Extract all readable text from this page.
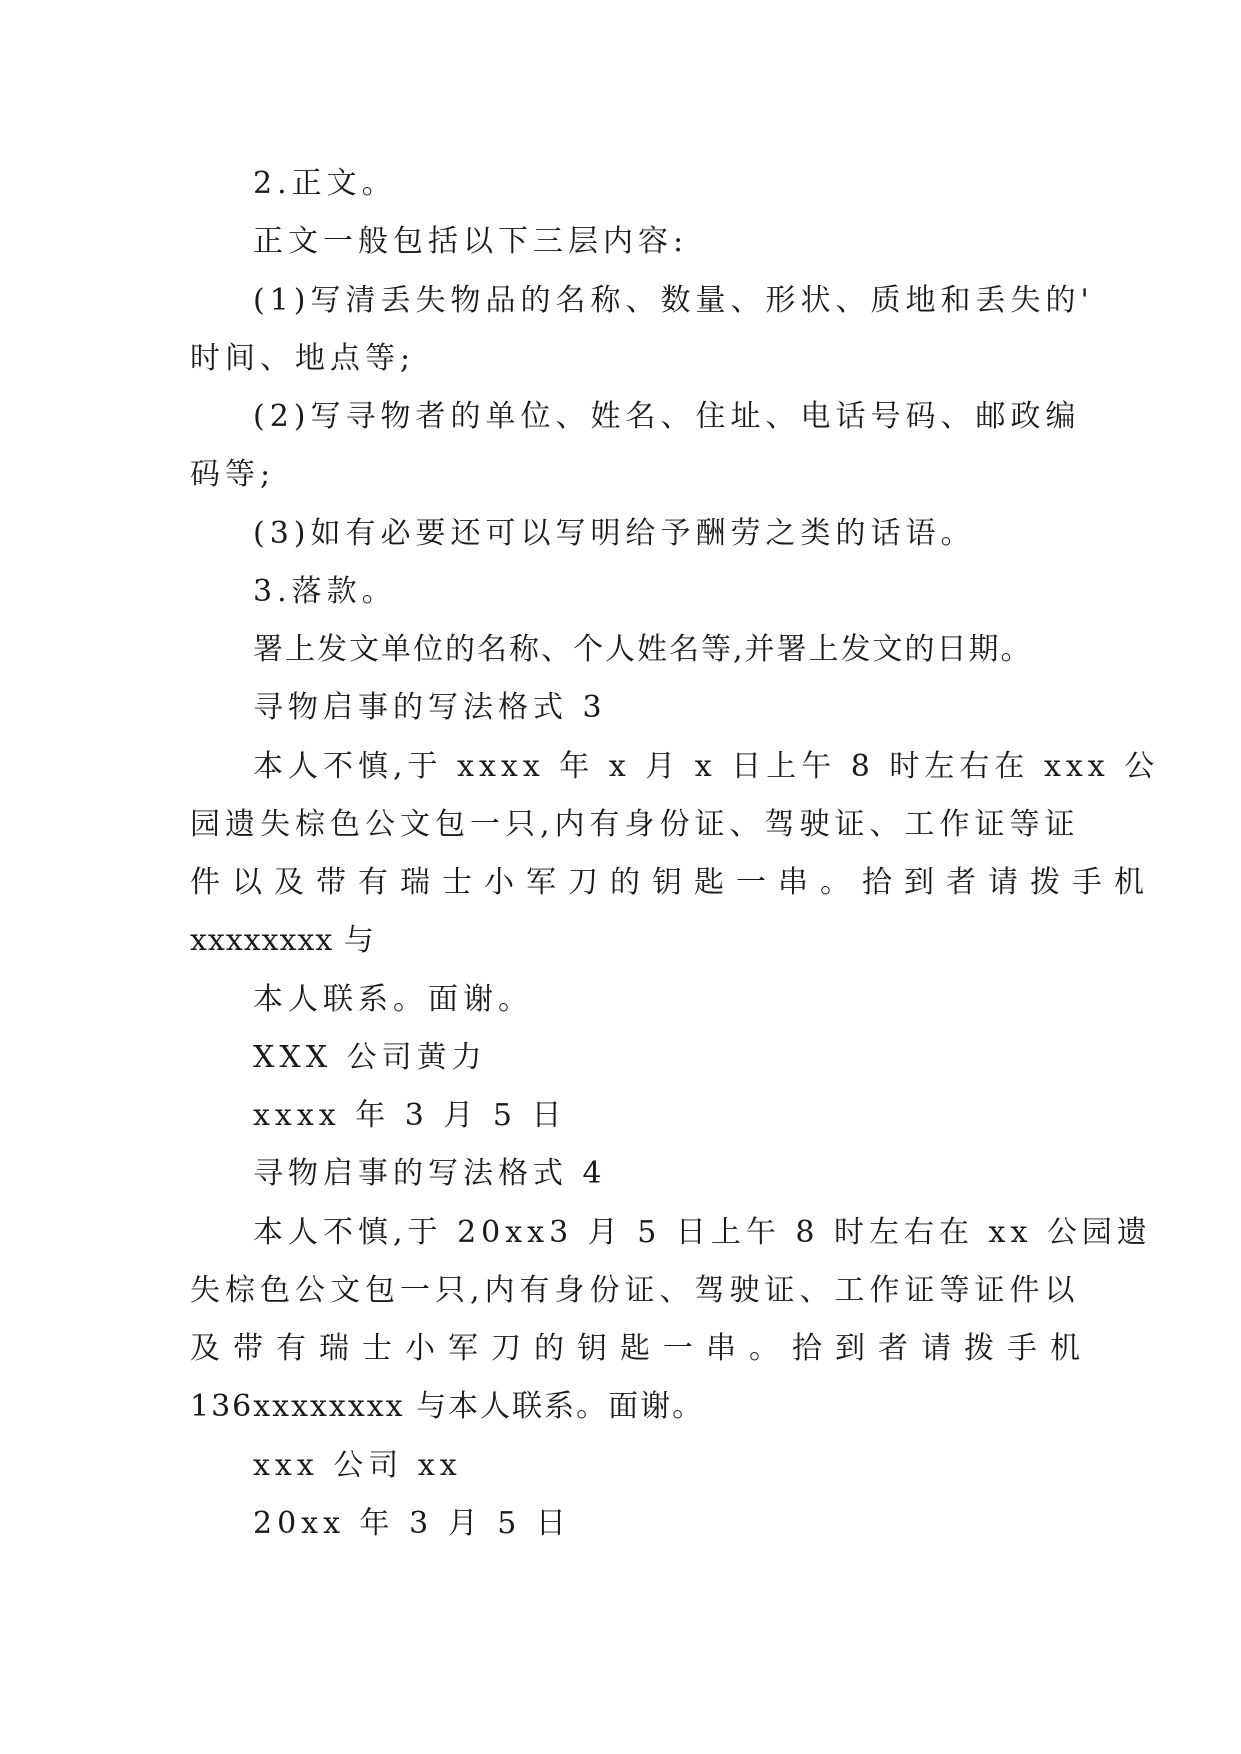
2.正文。
正文一般包括以下三层内容:
(1)写清丢失物品的名称、数量、形状、质地和丢失的'
时间、地点等;
(2)写寻物者的单位、姓名、住址、电话号码、邮政编
码等;
(3)如有必要还可以写明给予酬劳之类的话语。
3.落款。
署上发文单位的名称、个人姓名等,并署上发文的日期。
寻物启事的写法格式 3
本人不慎,于 xxxx 年 x 月 x 日上午 8 时左右在 xxx 公
园遗失棕色公文包一只,内有身份证、驾驶证、工作证等证
件以及带有瑞士小军刀的钥匙一串。拾到者请拨手机
xxxxxxxx 与
本人联系。面谢。
XXX 公司黄力
xxxx 年 3 月 5 日
寻物启事的写法格式 4
本人不慎,于 20xx3 月 5 日上午 8 时左右在 xx 公园遗
失棕色公文包一只,内有身份证、驾驶证、工作证等证件以
及带有瑞士小军刀的钥匙一串。拾到者请拨手机
136xxxxxxxx 与本人联系。面谢。
xxx 公司 xx
20xx 年 3 月 5 日
